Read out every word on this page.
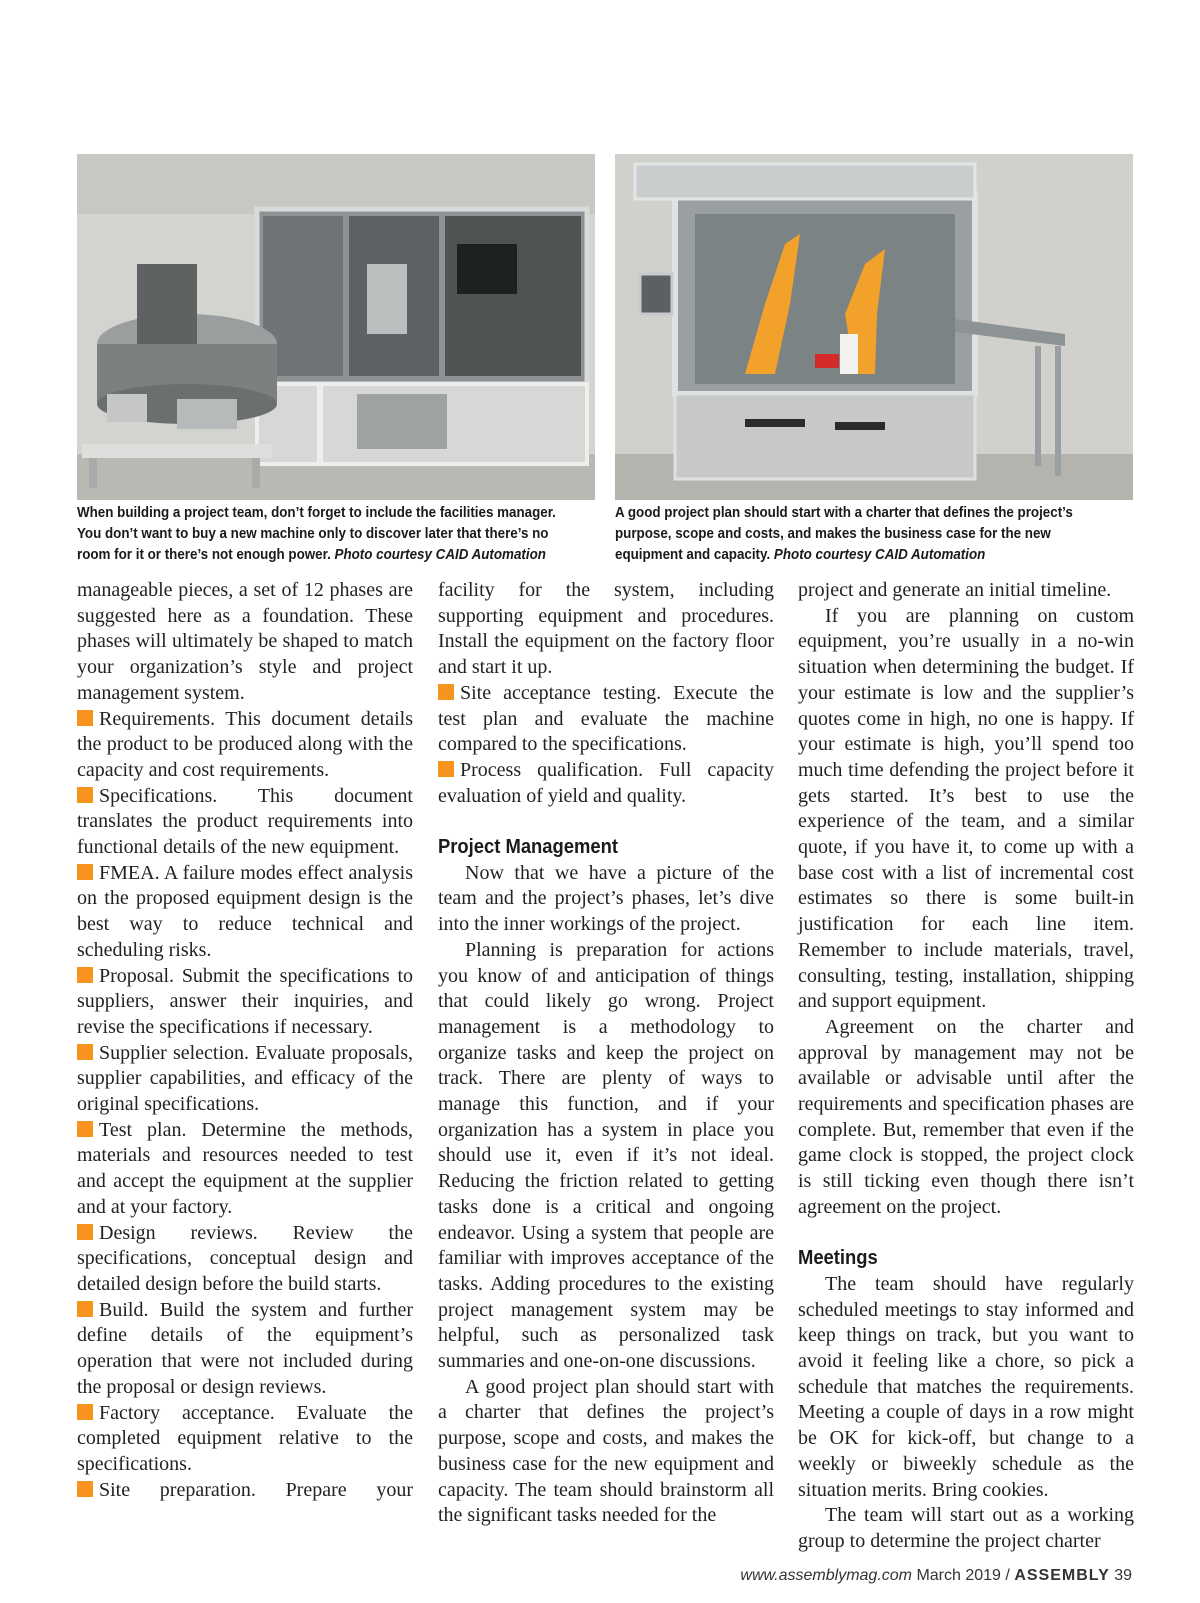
When building a project team, don’t forget to include the facilities manager. You don’t want to buy a new machine only to discover later that there’s no room for it or there’s not enough power. Photo courtesy CAID Automation
A good project plan should start with a charter that defines the project’s purpose, scope and costs, and makes the business case for the new equipment and capacity. Photo courtesy CAID Automation

manageable pieces, a set of 12 phases are suggested here as a foundation. These phases will ultimately be shaped to match your organization’s style and project management system.

Requirements. This document details the product to be produced along with the capacity and cost requirements.

Specifications. This document translates the product requirements into functional details of the new equipment.

FMEA. A failure modes effect analysis on the proposed equipment design is the best way to reduce technical and scheduling risks.

Proposal. Submit the specifications to suppliers, answer their inquiries, and revise the specifications if necessary.

Supplier selection. Evaluate proposals, supplier capabilities, and efficacy of the original specifications.

Test plan. Determine the methods, materials and resources needed to test and accept the equipment at the supplier and at your factory.

Design reviews. Review the specifications, conceptual design and detailed design before the build starts.

Build. Build the system and further define details of the equipment’s operation that were not included during the proposal or design reviews.

Factory acceptance. Evaluate the completed equipment relative to the specifications.

Site preparation. Prepare your

facility for the system, including supporting equipment and procedures. Install the equipment on the factory floor and start it up.

Site acceptance testing. Execute the test plan and evaluate the machine compared to the specifications.

Process qualification. Full capacity evaluation of yield and quality.

Project Management

Now that we have a picture of the team and the project’s phases, let’s dive into the inner workings of the project.

Planning is preparation for actions you know of and anticipation of things that could likely go wrong. Project management is a methodology to organize tasks and keep the project on track. There are plenty of ways to manage this function, and if your organization has a system in place you should use it, even if it’s not ideal. Reducing the friction related to getting tasks done is a critical and ongoing endeavor. Using a system that people are familiar with improves acceptance of the tasks. Adding procedures to the existing project management system may be helpful, such as personalized task summaries and one-on-one discussions.

A good project plan should start with a charter that defines the project’s purpose, scope and costs, and makes the business case for the new equipment and capacity. The team should brainstorm all the significant tasks needed for the

project and generate an initial timeline.

If you are planning on custom equipment, you’re usually in a no-win situation when determining the budget. If your estimate is low and the supplier’s quotes come in high, no one is happy. If your estimate is high, you’ll spend too much time defending the project before it gets started. It’s best to use the experience of the team, and a similar quote, if you have it, to come up with a base cost with a list of incremental cost estimates so there is some built-in justification for each line item. Remember to include materials, travel, consulting, testing, installation, shipping and support equipment.

Agreement on the charter and approval by management may not be available or advisable until after the requirements and specification phases are complete. But, remember that even if the game clock is stopped, the project clock is still ticking even though there isn’t agreement on the project.

Meetings

The team should have regularly scheduled meetings to stay informed and keep things on track, but you want to avoid it feeling like a chore, so pick a schedule that matches the requirements. Meeting a couple of days in a row might be OK for kick-off, but change to a weekly or biweekly schedule as the situation merits. Bring cookies.

The team will start out as a working group to determine the project charter

www.assemblymag.com March 2019 / ASSEMBLY 39
